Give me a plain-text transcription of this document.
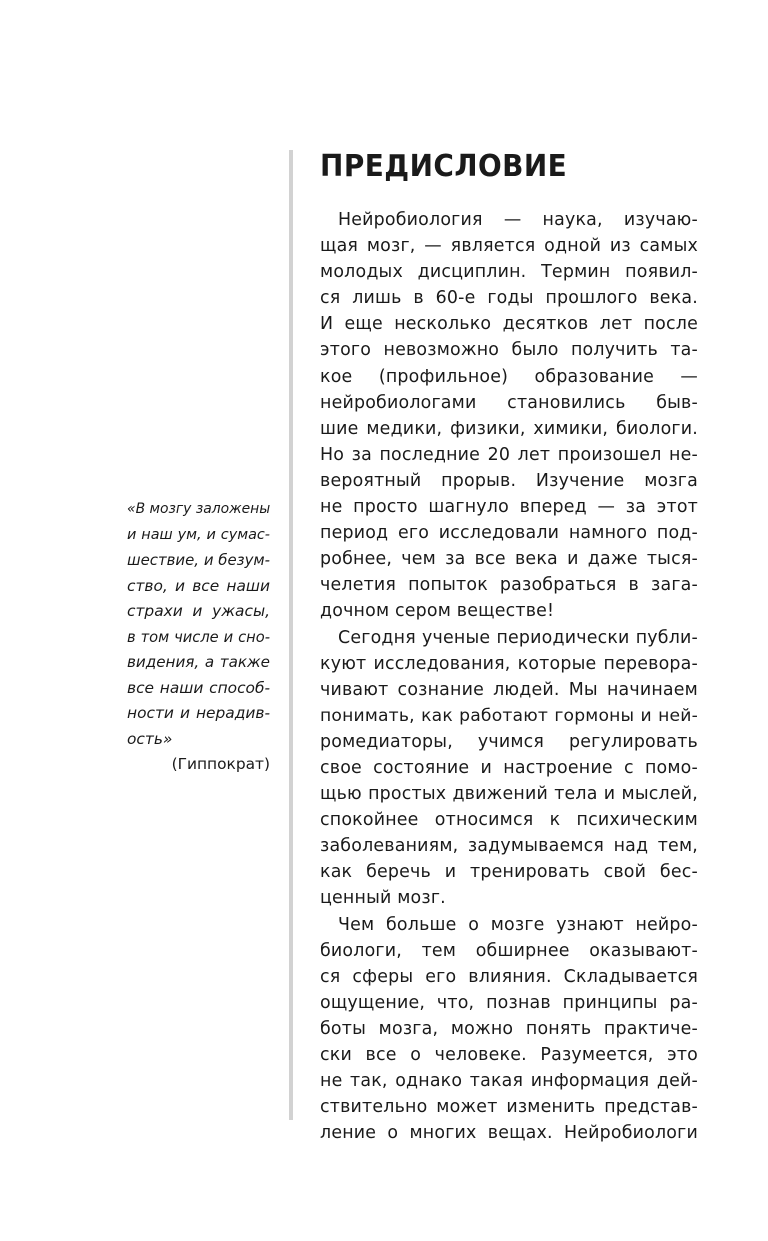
ПРЕДИСЛОВИЕ
«В мозгу заложены
и наш ум, и сумас-
шествие, и безум-
ство, и все наши
страхи и ужасы,
в том числе и сно-
видения, а также
все наши способ-
ности и нерадив-
ость»
(Гиппократ)
Нейробиология — наука, изучаю-
щая мозг, — является одной из самых
молодых дисциплин. Термин появил-
ся лишь в 60-е годы прошлого века.
И еще несколько десятков лет после
этого невозможно было получить та-
кое (профильное) образование —
нейробиологами становились быв-
шие медики, физики, химики, биологи.
Но за последние 20 лет произошел не-
вероятный прорыв. Изучение мозга
не просто шагнуло вперед — за этот
период его исследовали намного под-
робнее, чем за все века и даже тыся-
челетия попыток разобраться в зага-
дочном сером веществе!
Сегодня ученые периодически публи-
куют исследования, которые перевора-
чивают сознание людей. Мы начинаем
понимать, как работают гормоны и ней-
ромедиаторы, учимся регулировать
свое состояние и настроение с помо-
щью простых движений тела и мыслей,
спокойнее относимся к психическим
заболеваниям, задумываемся над тем,
как беречь и тренировать свой бес-
ценный мозг.
Чем больше о мозге узнают нейро-
биологи, тем обширнее оказывают-
ся сферы его влияния. Складывается
ощущение, что, познав принципы ра-
боты мозга, можно понять практиче-
ски все о человеке. Разумеется, это
не так, однако такая информация дей-
ствительно может изменить представ-
ление о многих вещах. Нейробиологи
